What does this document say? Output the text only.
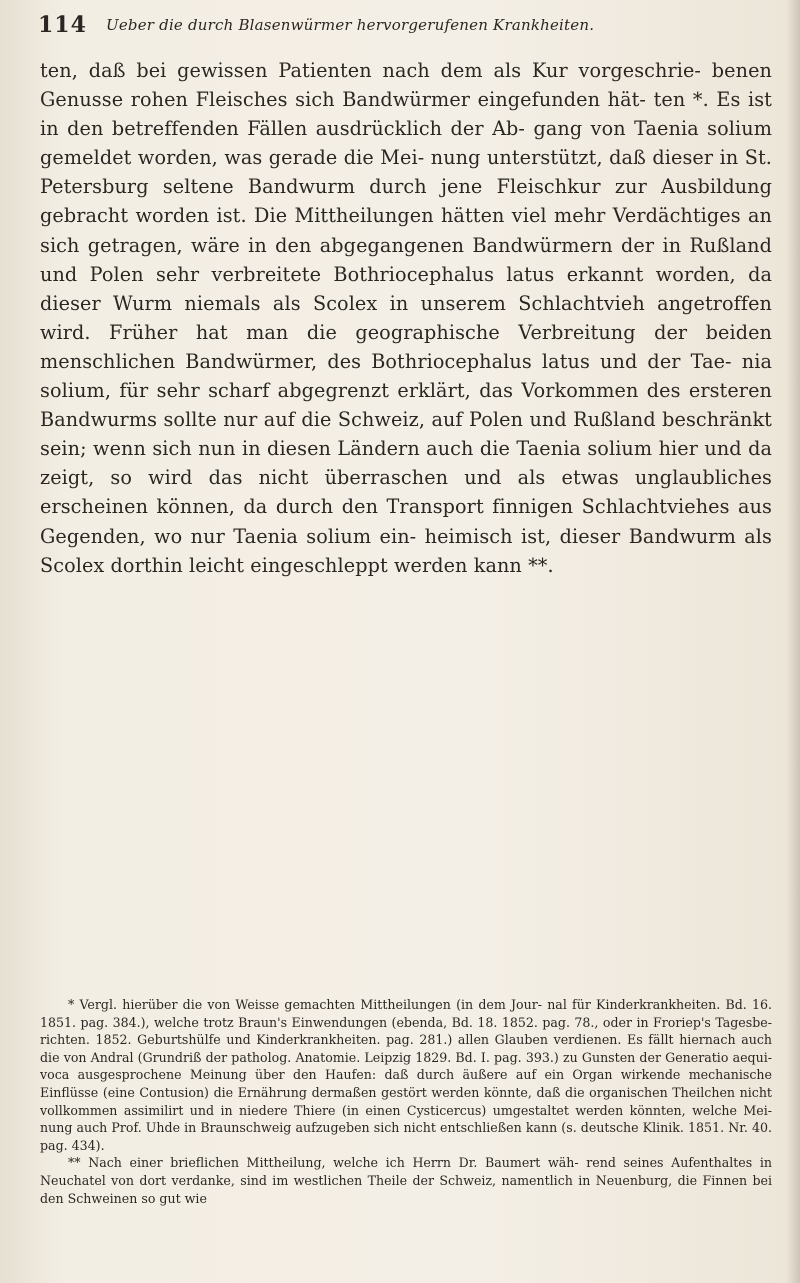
114 Ueber die durch Blasenwürmer hervorgerufenen Krankheiten.

ten, daß bei gewissen Patienten nach dem als Kur vorgeschrie- benen Genusse rohen Fleisches sich Bandwürmer eingefunden hät- ten *. Es ist in den betreffenden Fällen ausdrücklich der Ab- gang von Taenia solium gemeldet worden, was gerade die Mei- nung unterstützt, daß dieser in St. Petersburg seltene Bandwurm durch jene Fleischkur zur Ausbildung gebracht worden ist. Die Mittheilungen hätten viel mehr Verdächtiges an sich getragen, wäre in den abgegangenen Bandwürmern der in Rußland und Polen sehr verbreitete Bothriocephalus latus erkannt worden, da dieser Wurm niemals als Scolex in unserem Schlachtvieh angetroffen wird. Früher hat man die geographische Verbreitung der beiden menschlichen Bandwürmer, des Bothriocephalus latus und der Tae- nia solium, für sehr scharf abgegrenzt erklärt, das Vorkommen des ersteren Bandwurms sollte nur auf die Schweiz, auf Polen und Rußland beschränkt sein; wenn sich nun in diesen Ländern auch die Taenia solium hier und da zeigt, so wird das nicht überraschen und als etwas unglaubliches erscheinen können, da durch den Transport finnigen Schlachtviehes aus Gegenden, wo nur Taenia solium ein- heimisch ist, dieser Bandwurm als Scolex dorthin leicht eingeschleppt werden kann **.

* Vergl. hierüber die von Weisse gemachten Mittheilungen (in dem Jour- nal für Kinderkrankheiten. Bd. 16. 1851. pag. 384.), welche trotz Braun's Einwendungen (ebenda, Bd. 18. 1852. pag. 78., oder in Froriep's Tagesbe- richten. 1852. Geburtshülfe und Kinderkrankheiten. pag. 281.) allen Glauben verdienen. Es fällt hiernach auch die von Andral (Grundriß der patholog. Anatomie. Leipzig 1829. Bd. I. pag. 393.) zu Gunsten der Generatio aequi- voca ausgesprochene Meinung über den Haufen: daß durch äußere auf ein Organ wirkende mechanische Einflüsse (eine Contusion) die Ernährung dermaßen gestört werden könnte, daß die organischen Theilchen nicht vollkommen assimilirt und in niedere Thiere (in einen Cysticercus) umgestaltet werden könnten, welche Mei- nung auch Prof. Uhde in Braunschweig aufzugeben sich nicht entschließen kann (s. deutsche Klinik. 1851. Nr. 40. pag. 434).

** Nach einer brieflichen Mittheilung, welche ich Herrn Dr. Baumert wäh- rend seines Aufenthaltes in Neuchatel von dort verdanke, sind im westlichen Theile der Schweiz, namentlich in Neuenburg, die Finnen bei den Schweinen so gut wie
